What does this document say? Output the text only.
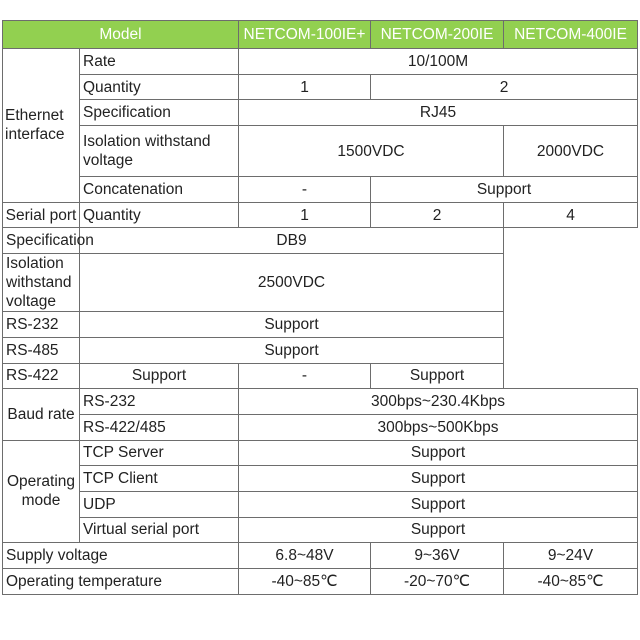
Model		NETCOM-100IE+	NETCOM-200IE	NETCOM-400IE
Ethernet interface	Rate	10/100M		
	Quantity	1	2	
	Specification	RJ45		
	Isolation withstand voltage	1500VDC		2000VDC
	Concatenation	-	Support	
Serial port	Quantity	1	2	4
Specification	DB9			
Isolation withstand voltage	2500VDC			
RS-232	Support			
RS-485	Support			
RS-422	Support	-	Support	
Baud rate	RS-232	300bps~230.4Kbps		
	RS-422/485	300bps~500Kbps		
Operating mode	TCP Server	Support		
	TCP Client	Support		
	UDP	Support		
	Virtual serial port	Support		
Supply voltage		6.8~48V	9~36V	9~24V
Operating temperature		-40~85℃	-20~70℃	-40~85℃
